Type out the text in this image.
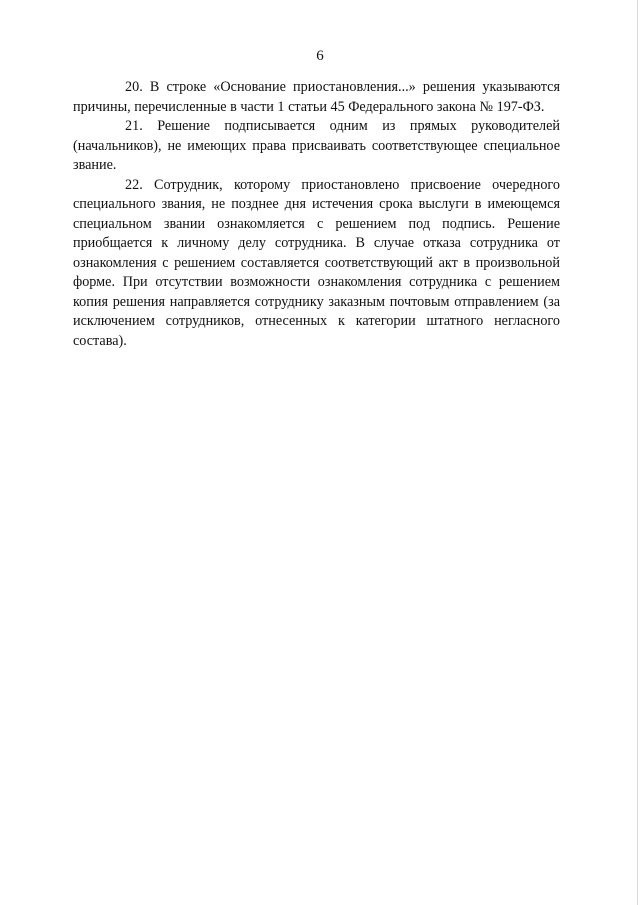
6

20. В строке «Основание приостановления...» решения указываются причины, перечисленные в части 1 статьи 45 Федерального закона № 197-ФЗ.

21. Решение подписывается одним из прямых руководителей (начальников), не имеющих права присваивать соответствующее специальное звание.

22. Сотрудник, которому приостановлено присвоение очередного специального звания, не позднее дня истечения срока выслуги в имеющемся специальном звании ознакомляется с решением под подпись. Решение приобщается к личному делу сотрудника. В случае отказа сотрудника от ознакомления с решением составляется соответствующий акт в произвольной форме. При отсутствии возможности ознакомления сотрудника с решением копия решения направляется сотруднику заказным почтовым отправлением (за исключением сотрудников, отнесенных к категории штатного негласного состава).
